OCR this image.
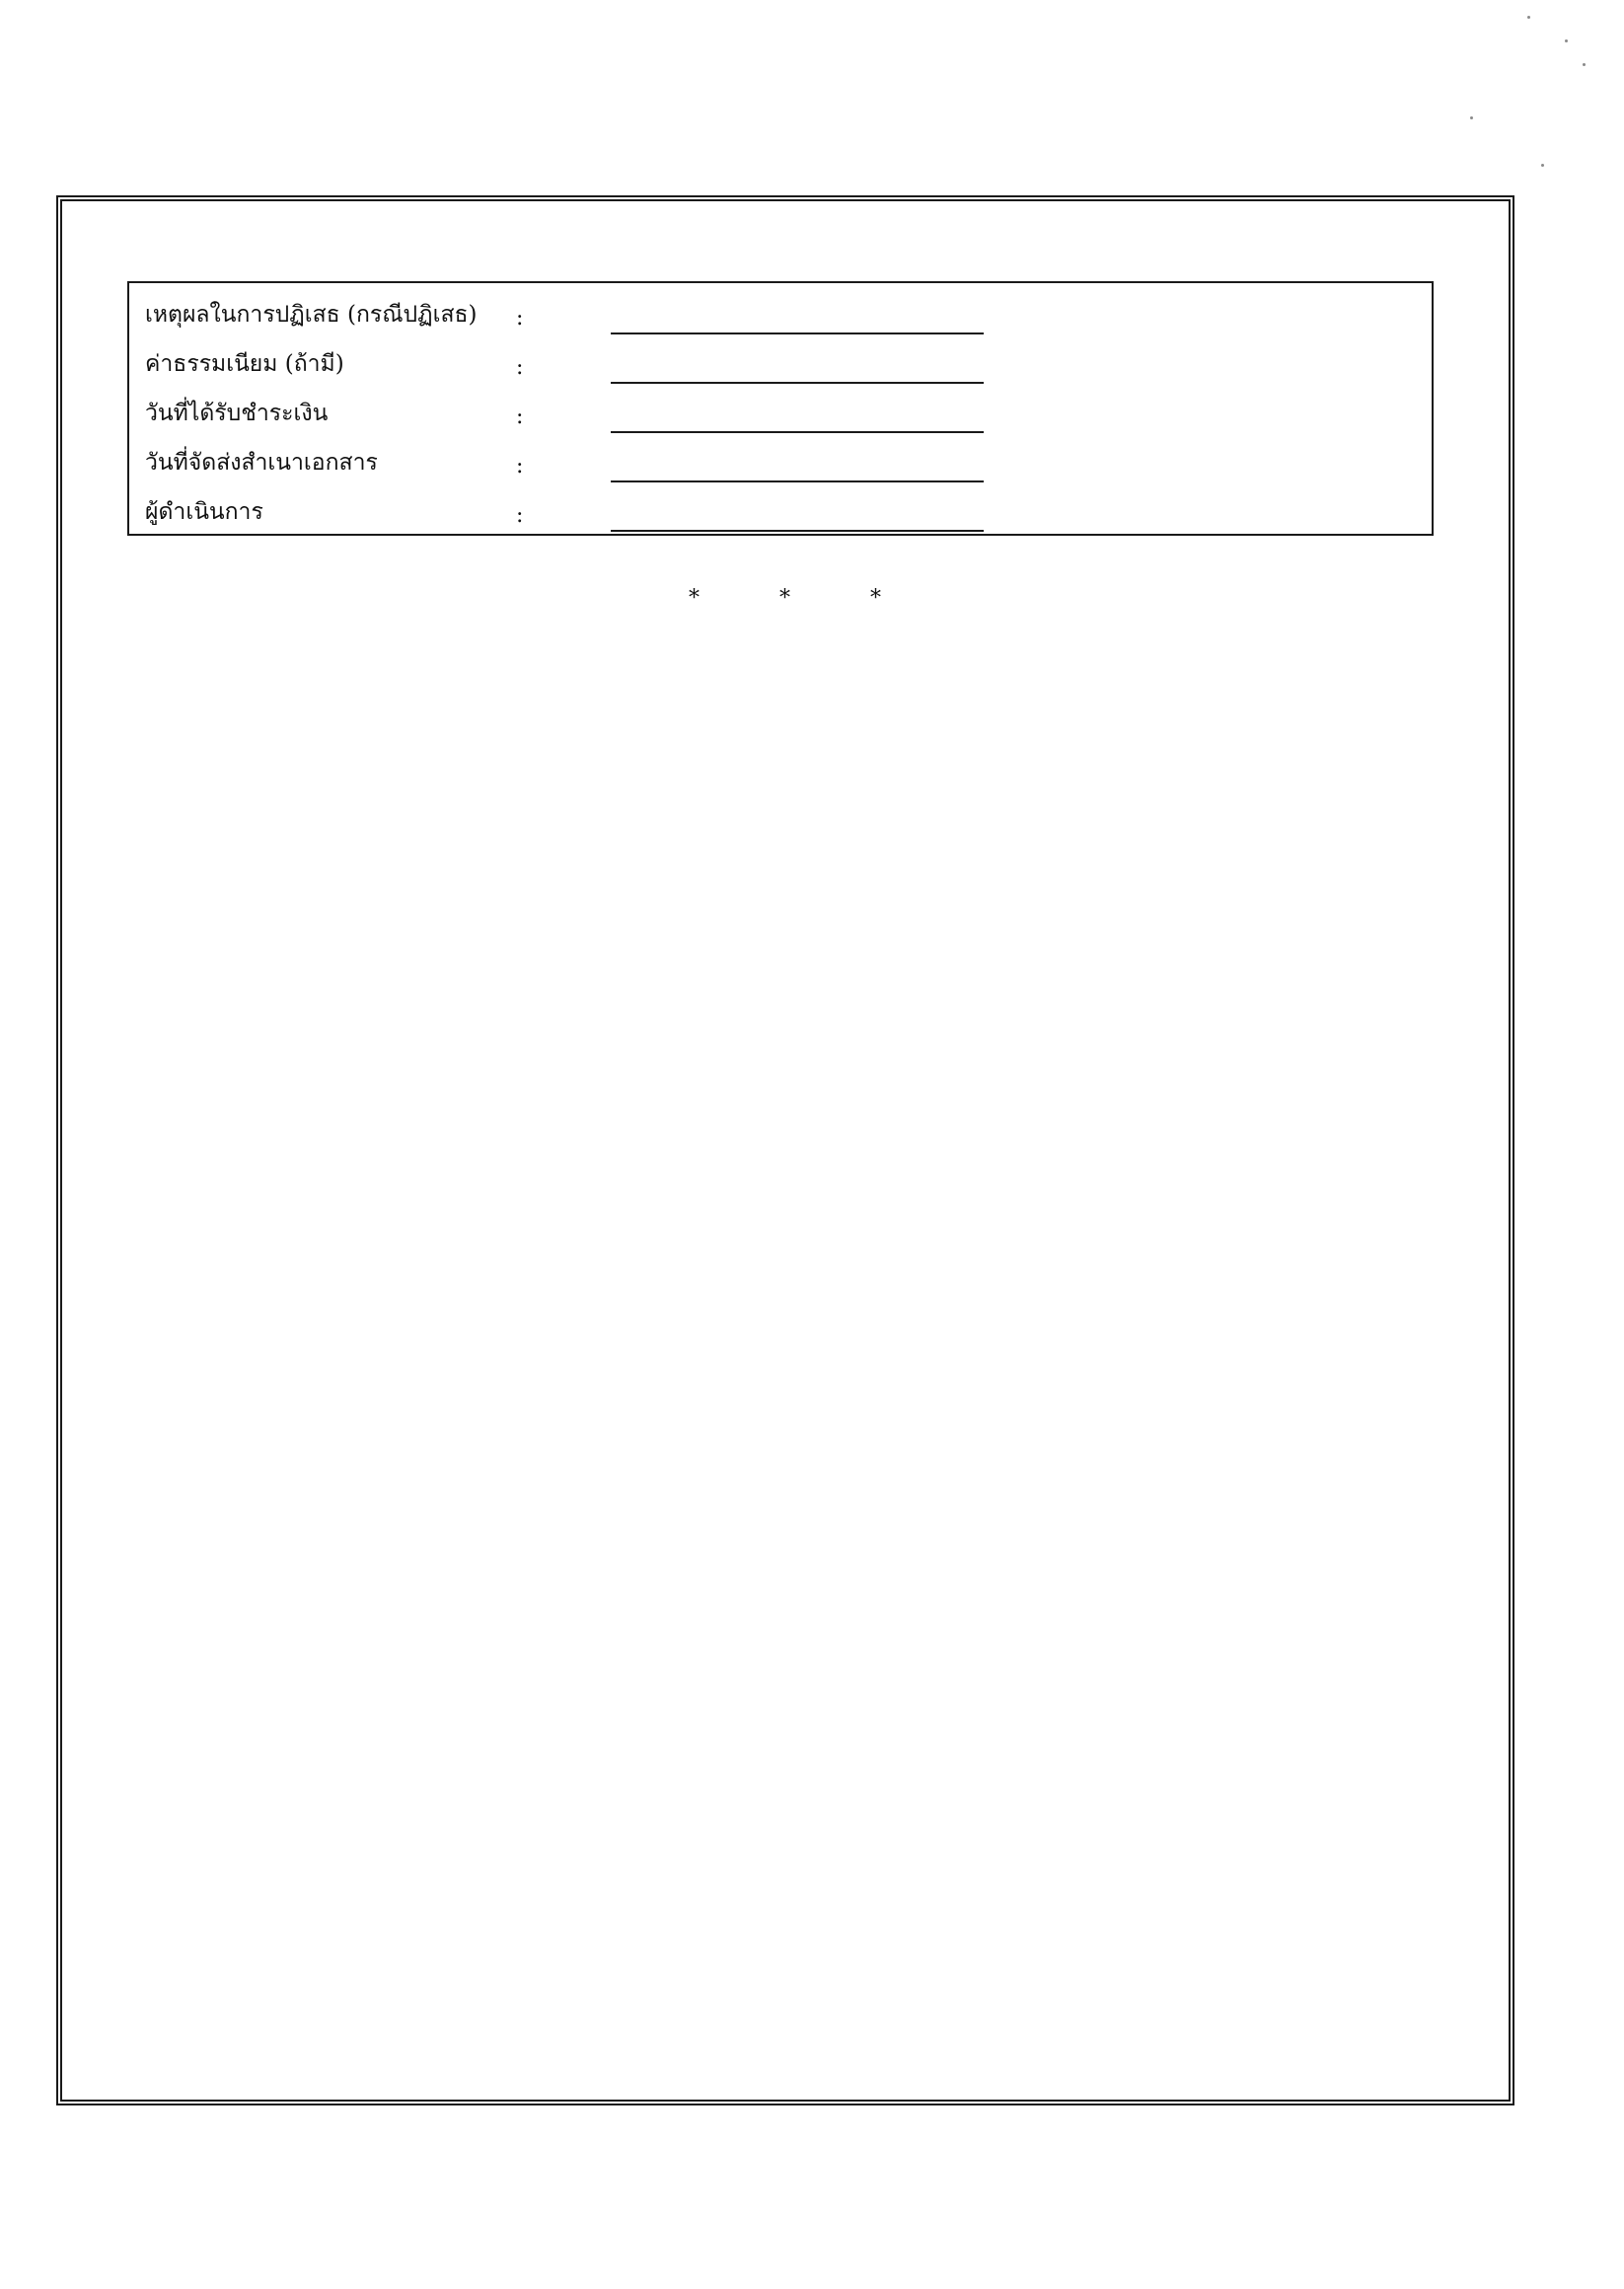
เหตุผลในการปฏิเสธ (กรณีปฏิเสธ) :
ค่าธรรมเนียม (ถ้ามี)	:
วันที่ได้รับชำระเงิน	:
วันที่จัดส่งสำเนาเอกสาร	:
ผู้ดำเนินการ	:
*	*	*
